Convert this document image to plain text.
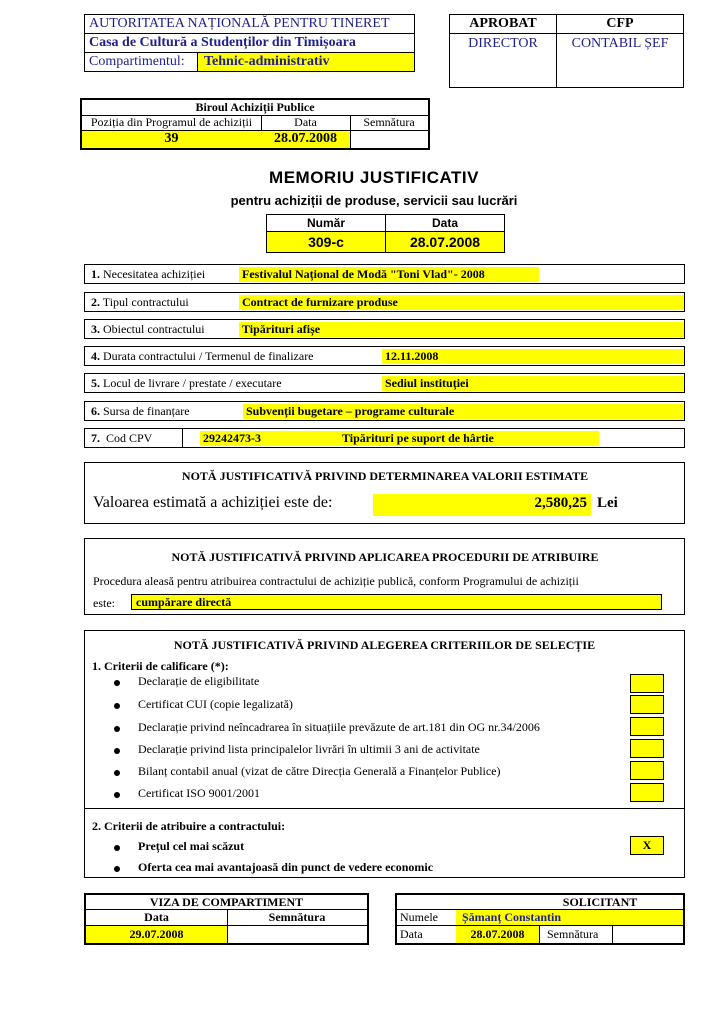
AUTORITATEA NAȚIONALĂ PENTRU TINERET
Casa de Cultură a Studenților din Timișoara
Compartimentul:	Tehnic-administrativ
APROBAT	CFP
DIRECTOR	CONTABIL ȘEF
Biroul Achiziții Publice
Poziția din Programul de achiziții	Data	Semnătura
39	28.07.2008
MEMORIU JUSTIFICATIV
pentru achiziții de produse, servicii sau lucrări
Număr	Data
309-c	28.07.2008
1. Necesitatea achiziției	Festivalul Național de Modă "Toni Vlad"- 2008
2. Tipul contractului	Contract de furnizare produse
3. Obiectul contractului	Tipărituri afișe
4. Durata contractului / Termenul de finalizare	12.11.2008
5. Locul de livrare / prestate / executare	Sediul instituției
6. Sursa de finanțare	Subvenții bugetare – programe culturale
7. Cod CPV	29242473-3	Tipărituri pe suport de hârtie
NOTĂ JUSTIFICATIVĂ PRIVIND DETERMINAREA VALORII ESTIMATE
Valoarea estimată a achiziției este de:	2,580,25 Lei
NOTĂ JUSTIFICATIVĂ PRIVIND APLICAREA PROCEDURII DE ATRIBUIRE
Procedura aleasă pentru atribuirea contractului de achiziție publică, conform Programului de achiziții
este:	cumpărare directă
NOTĂ JUSTIFICATIVĂ PRIVIND ALEGEREA CRITERIILOR DE SELECȚIE
1. Criterii de calificare (*):
Declarație de eligibilitate
Certificat CUI (copie legalizată)
Declarație privind neîncadrarea în situațiile prevăzute de art.181 din OG nr.34/2006
Declarație privind lista principalelor livrări în ultimii 3 ani de activitate
Bilanț contabil anual (vizat de către Direcția Generală a Finanțelor Publice)
Certificat ISO 9001/2001
2. Criterii de atribuire a contractului:
Prețul cel mai scăzut	X
Oferta cea mai avantajoasă din punct de vedere economic
VIZA DE COMPARTIMENT
Data	Semnătura
29.07.2008
SOLICITANT
Numele	Șămanț Constantin
Data	28.07.2008	Semnătura
